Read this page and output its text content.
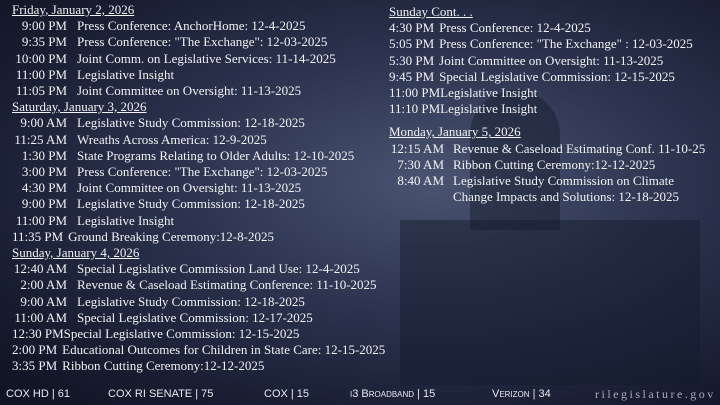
Friday, January 2, 2026
9:00 PM Press Conference: AnchorHome: 12-4-2025
9:35 PM Press Conference: "The Exchange": 12-03-2025
10:00 PM Joint Comm. on Legislative Services: 11-14-2025
11:00 PM Legislative Insight
11:05 PM Joint Committee on Oversight: 11-13-2025
Saturday, January 3, 2026
9:00 AM Legislative Study Commission: 12-18-2025
11:25 AM Wreaths Across America: 12-9-2025
1:30 PM State Programs Relating to Older Adults: 12-10-2025
3:00 PM Press Conference: "The Exchange": 12-03-2025
4:30 PM Joint Committee on Oversight: 11-13-2025
9:00 PM Legislative Study Commission: 12-18-2025
11:00 PM Legislative Insight
11:35 PM Ground Breaking Ceremony:12-8-2025
Sunday, January 4, 2026
12:40 AM Special Legislative Commission Land Use: 12-4-2025
2:00 AM Revenue & Caseload Estimating Conference: 11-10-2025
9:00 AM Legislative Study Commission: 12-18-2025
11:00 AM Special Legislative Commission: 12-17-2025
12:30 PM Special Legislative Commission: 12-15-2025
2:00 PM Educational Outcomes for Children in State Care: 12-15-2025
3:35 PM Ribbon Cutting Ceremony:12-12-2025
Sunday Cont. . .
4:30 PM Press Conference: 12-4-2025
5:05 PM Press Conference: "The Exchange" : 12-03-2025
5:30 PM Joint Committee on Oversight: 11-13-2025
9:45 PM Special Legislative Commission: 12-15-2025
11:00 PM Legislative Insight
11:10 PM Legislative Insight
Monday, January 5, 2026
12:15 AM Revenue & Caseload Estimating Conf. 11-10-25
7:30 AM Ribbon Cutting Ceremony:12-12-2025
8:40 AM Legislative Study Commission on Climate
Change Impacts and Solutions: 12-18-2025
COX HD | 61	COX RI SENATE | 75	COX | 15	i3 Broadband | 15	Verizon | 34	rilegislature.gov
